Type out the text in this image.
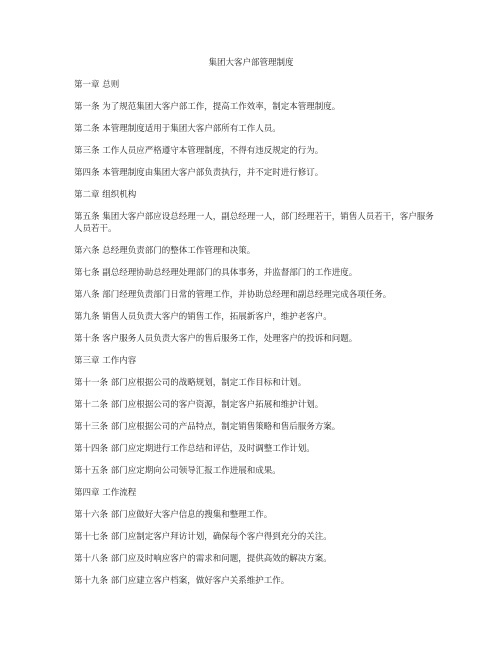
集团大客户部管理制度
第一章 总则
第一条 为了规范集团大客户部工作，提高工作效率，制定本管理制度。
第二条 本管理制度适用于集团大客户部所有工作人员。
第三条 工作人员应严格遵守本管理制度，不得有违反规定的行为。
第四条 本管理制度由集团大客户部负责执行，并不定时进行修订。
第二章 组织机构
第五条 集团大客户部应设总经理一人，副总经理一人，部门经理若干，销售人员若干，客户服务人员若干。
第六条 总经理负责部门的整体工作管理和决策。
第七条 副总经理协助总经理处理部门的具体事务，并监督部门的工作进度。
第八条 部门经理负责部门日常的管理工作，并协助总经理和副总经理完成各项任务。
第九条 销售人员负责大客户的销售工作，拓展新客户，维护老客户。
第十条 客户服务人员负责大客户的售后服务工作，处理客户的投诉和问题。
第三章 工作内容
第十一条 部门应根据公司的战略规划，制定工作目标和计划。
第十二条 部门应根据公司的客户资源，制定客户拓展和维护计划。
第十三条 部门应根据公司的产品特点，制定销售策略和售后服务方案。
第十四条 部门应定期进行工作总结和评估，及时调整工作计划。
第十五条 部门应定期向公司领导汇报工作进展和成果。
第四章 工作流程
第十六条 部门应做好大客户信息的搜集和整理工作。
第十七条 部门应制定客户拜访计划，确保每个客户得到充分的关注。
第十八条 部门应及时响应客户的需求和问题，提供高效的解决方案。
第十九条 部门应建立客户档案，做好客户关系维护工作。
